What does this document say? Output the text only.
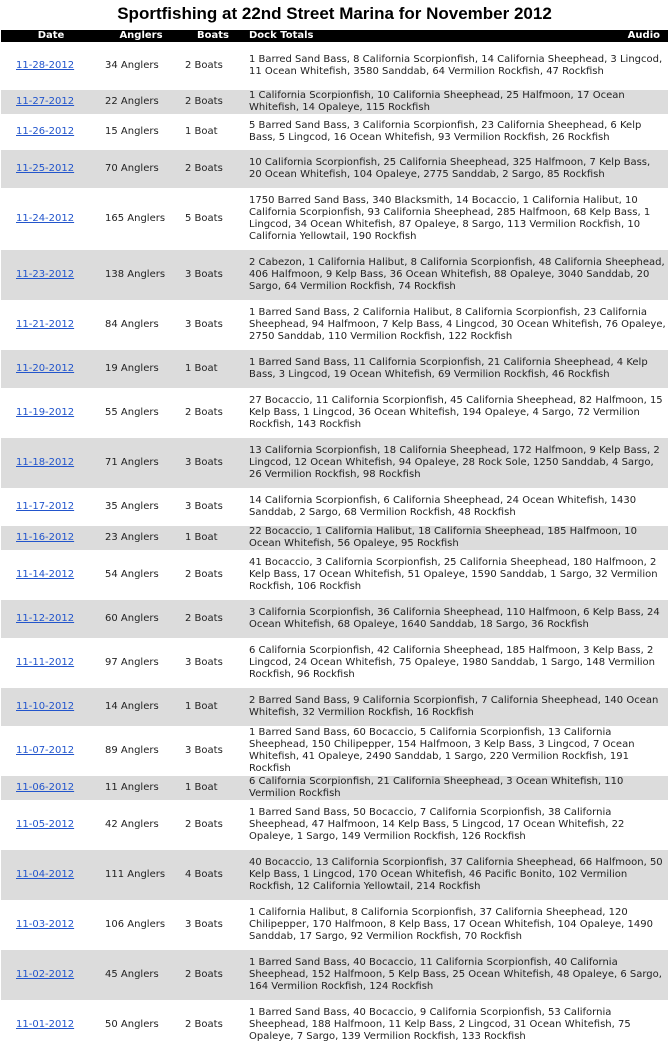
Sportfishing at 22nd Street Marina for November 2012
Date	Anglers	Boats	Dock Totals	Audio
11-28-2012	34 Anglers	2 Boats	1 Barred Sand Bass, 8 California Scorpionfish, 14 California Sheephead, 3 Lingcod, 11 Ocean Whitefish, 3580 Sanddab, 64 Vermilion Rockfish, 47 Rockfish	
11-27-2012	22 Anglers	2 Boats	1 California Scorpionfish, 10 California Sheephead, 25 Halfmoon, 17 Ocean Whitefish, 14 Opaleye, 115 Rockfish	
11-26-2012	15 Anglers	1 Boat	5 Barred Sand Bass, 3 California Scorpionfish, 23 California Sheephead, 6 Kelp Bass, 5 Lingcod, 16 Ocean Whitefish, 93 Vermilion Rockfish, 26 Rockfish	
11-25-2012	70 Anglers	2 Boats	10 California Scorpionfish, 25 California Sheephead, 325 Halfmoon, 7 Kelp Bass, 20 Ocean Whitefish, 104 Opaleye, 2775 Sanddab, 2 Sargo, 85 Rockfish	
11-24-2012	165 Anglers	5 Boats	1750 Barred Sand Bass, 340 Blacksmith, 14 Bocaccio, 1 California Halibut, 10 California Scorpionfish, 93 California Sheephead, 285 Halfmoon, 68 Kelp Bass, 1 Lingcod, 34 Ocean Whitefish, 87 Opaleye, 8 Sargo, 113 Vermilion Rockfish, 10 California Yellowtail, 190 Rockfish	
11-23-2012	138 Anglers	3 Boats	2 Cabezon, 1 California Halibut, 8 California Scorpionfish, 48 California Sheephead, 406 Halfmoon, 9 Kelp Bass, 36 Ocean Whitefish, 88 Opaleye, 3040 Sanddab, 20 Sargo, 64 Vermilion Rockfish, 74 Rockfish	
11-21-2012	84 Anglers	3 Boats	1 Barred Sand Bass, 2 California Halibut, 8 California Scorpionfish, 23 California Sheephead, 94 Halfmoon, 7 Kelp Bass, 4 Lingcod, 30 Ocean Whitefish, 76 Opaleye, 2750 Sanddab, 110 Vermilion Rockfish, 122 Rockfish	
11-20-2012	19 Anglers	1 Boat	1 Barred Sand Bass, 11 California Scorpionfish, 21 California Sheephead, 4 Kelp Bass, 3 Lingcod, 19 Ocean Whitefish, 69 Vermilion Rockfish, 46 Rockfish	
11-19-2012	55 Anglers	2 Boats	27 Bocaccio, 11 California Scorpionfish, 45 California Sheephead, 82 Halfmoon, 15 Kelp Bass, 1 Lingcod, 36 Ocean Whitefish, 194 Opaleye, 4 Sargo, 72 Vermilion Rockfish, 143 Rockfish	
11-18-2012	71 Anglers	3 Boats	13 California Scorpionfish, 18 California Sheephead, 172 Halfmoon, 9 Kelp Bass, 2 Lingcod, 12 Ocean Whitefish, 94 Opaleye, 28 Rock Sole, 1250 Sanddab, 4 Sargo, 26 Vermilion Rockfish, 98 Rockfish	
11-17-2012	35 Anglers	3 Boats	14 California Scorpionfish, 6 California Sheephead, 24 Ocean Whitefish, 1430 Sanddab, 2 Sargo, 68 Vermilion Rockfish, 48 Rockfish	
11-16-2012	23 Anglers	1 Boat	22 Bocaccio, 1 California Halibut, 18 California Sheephead, 185 Halfmoon, 10 Ocean Whitefish, 56 Opaleye, 95 Rockfish	
11-14-2012	54 Anglers	2 Boats	41 Bocaccio, 3 California Scorpionfish, 25 California Sheephead, 180 Halfmoon, 2 Kelp Bass, 17 Ocean Whitefish, 51 Opaleye, 1590 Sanddab, 1 Sargo, 32 Vermilion Rockfish, 106 Rockfish	
11-12-2012	60 Anglers	2 Boats	3 California Scorpionfish, 36 California Sheephead, 110 Halfmoon, 6 Kelp Bass, 24 Ocean Whitefish, 68 Opaleye, 1640 Sanddab, 18 Sargo, 36 Rockfish	
11-11-2012	97 Anglers	3 Boats	6 California Scorpionfish, 42 California Sheephead, 185 Halfmoon, 3 Kelp Bass, 2 Lingcod, 24 Ocean Whitefish, 75 Opaleye, 1980 Sanddab, 1 Sargo, 148 Vermilion Rockfish, 96 Rockfish	
11-10-2012	14 Anglers	1 Boat	2 Barred Sand Bass, 9 California Scorpionfish, 7 California Sheephead, 140 Ocean Whitefish, 32 Vermilion Rockfish, 16 Rockfish	
11-07-2012	89 Anglers	3 Boats	1 Barred Sand Bass, 60 Bocaccio, 5 California Scorpionfish, 13 California Sheephead, 150 Chilipepper, 154 Halfmoon, 3 Kelp Bass, 3 Lingcod, 7 Ocean Whitefish, 41 Opaleye, 2490 Sanddab, 1 Sargo, 220 Vermilion Rockfish, 191 Rockfish	
11-06-2012	11 Anglers	1 Boat	6 California Scorpionfish, 21 California Sheephead, 3 Ocean Whitefish, 110 Vermilion Rockfish	
11-05-2012	42 Anglers	2 Boats	1 Barred Sand Bass, 50 Bocaccio, 7 California Scorpionfish, 38 California Sheephead, 47 Halfmoon, 14 Kelp Bass, 5 Lingcod, 17 Ocean Whitefish, 22 Opaleye, 1 Sargo, 149 Vermilion Rockfish, 126 Rockfish	
11-04-2012	111 Anglers	4 Boats	40 Bocaccio, 13 California Scorpionfish, 37 California Sheephead, 66 Halfmoon, 50 Kelp Bass, 1 Lingcod, 170 Ocean Whitefish, 46 Pacific Bonito, 102 Vermilion Rockfish, 12 California Yellowtail, 214 Rockfish	
11-03-2012	106 Anglers	3 Boats	1 California Halibut, 8 California Scorpionfish, 37 California Sheephead, 120 Chilipepper, 170 Halfmoon, 8 Kelp Bass, 17 Ocean Whitefish, 104 Opaleye, 1490 Sanddab, 17 Sargo, 92 Vermilion Rockfish, 70 Rockfish	
11-02-2012	45 Anglers	2 Boats	1 Barred Sand Bass, 40 Bocaccio, 11 California Scorpionfish, 40 California Sheephead, 152 Halfmoon, 5 Kelp Bass, 25 Ocean Whitefish, 48 Opaleye, 6 Sargo, 164 Vermilion Rockfish, 124 Rockfish	
11-01-2012	50 Anglers	2 Boats	1 Barred Sand Bass, 40 Bocaccio, 9 California Scorpionfish, 53 California Sheephead, 188 Halfmoon, 11 Kelp Bass, 2 Lingcod, 31 Ocean Whitefish, 75 Opaleye, 7 Sargo, 139 Vermilion Rockfish, 133 Rockfish	
